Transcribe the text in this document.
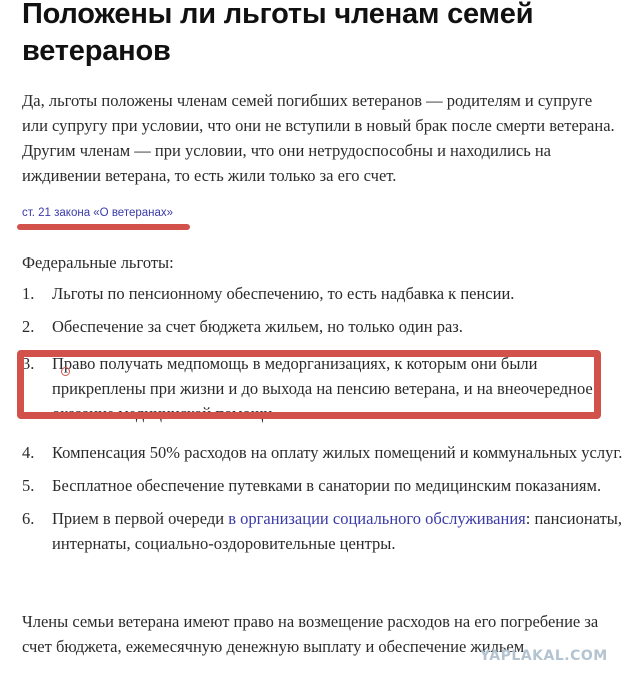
Положены ли льготы членам семей ветеранов

Да, льготы положены членам семей погибших ветеранов — родителям и супруге или супругу при условии, что они не вступили в новый брак после смерти ветерана. Другим членам — при условии, что они нетрудоспособны и находились на иждивении ветерана, то есть жили только за его счет.

ст. 21 закона «О ветеранах»

Федеральные льготы:

1. Льготы по пенсионному обеспечению, то есть надбавка к пенсии.
2. Обеспечение за счет бюджета жильем, но только один раз.
3. Право получать медпомощь в медорганизациях, к которым они были прикреплены при жизни и до выхода на пенсию ветерана, и на внеочередное оказание медицинской помощи.
4. Компенсация 50% расходов на оплату жилых помещений и коммунальных услуг.
5. Бесплатное обеспечение путевками в санатории по медицинским показаниям.
6. Прием в первой очереди в организации социального обслуживания: пансионаты, интернаты, социально-оздоровительные центры.

Члены семьи ветерана имеют право на возмещение расходов на его погребение за счет бюджета, ежемесячную денежную выплату и обеспечение жильем.

YAPLAKAL.COM
